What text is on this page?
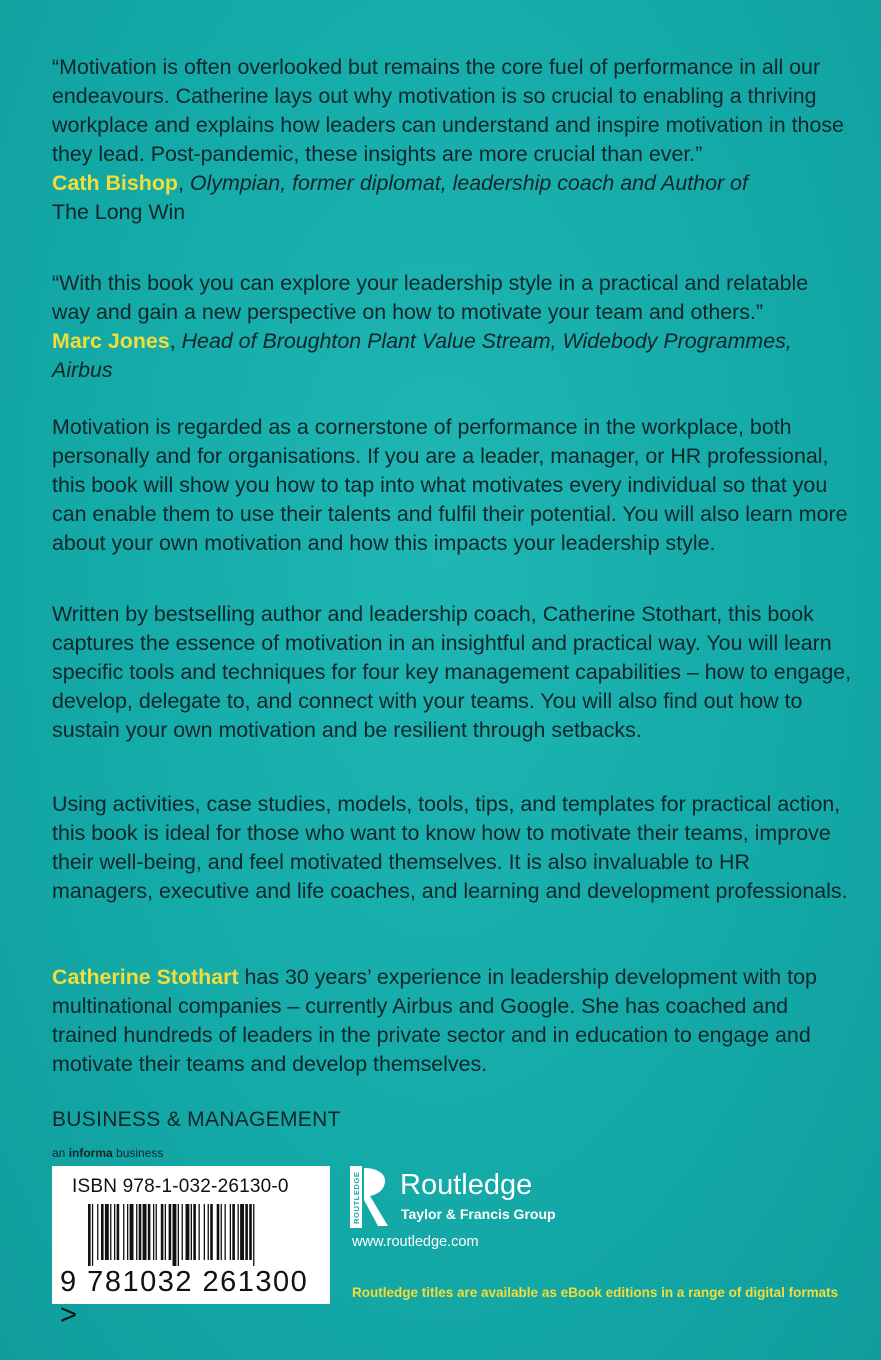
“Motivation is often overlooked but remains the core fuel of performance in all our endeavours. Catherine lays out why motivation is so crucial to enabling a thriving workplace and explains how leaders can understand and inspire motivation in those they lead. Post-pandemic, these insights are more crucial than ever.”
Cath Bishop, Olympian, former diplomat, leadership coach and Author of
The Long Win

“With this book you can explore your leadership style in a practical and relatable way and gain a new perspective on how to motivate your team and others.”
Marc Jones, Head of Broughton Plant Value Stream, Widebody Programmes, Airbus

Motivation is regarded as a cornerstone of performance in the workplace, both personally and for organisations. If you are a leader, manager, or HR professional, this book will show you how to tap into what motivates every individual so that you can enable them to use their talents and fulfil their potential. You will also learn more about your own motivation and how this impacts your leadership style.

Written by bestselling author and leadership coach, Catherine Stothart, this book captures the essence of motivation in an insightful and practical way. You will learn specific tools and techniques for four key management capabilities – how to engage, develop, delegate to, and connect with your teams. You will also find out how to sustain your own motivation and be resilient through setbacks.

Using activities, case studies, models, tools, tips, and templates for practical action, this book is ideal for those who want to know how to motivate their teams, improve their well-being, and feel motivated themselves. It is also invaluable to HR managers, executive and life coaches, and learning and development professionals.

Catherine Stothart has 30 years’ experience in leadership development with top multinational companies – currently Airbus and Google. She has coached and trained hundreds of leaders in the private sector and in education to engage and motivate their teams and develop themselves.

BUSINESS & MANAGEMENT
an informa business
ISBN 978-1-032-26130-0
9 781032 261300 >
ROUTLEDGE Routledge
Taylor & Francis Group
www.routledge.com
Routledge titles are available as eBook editions in a range of digital formats
